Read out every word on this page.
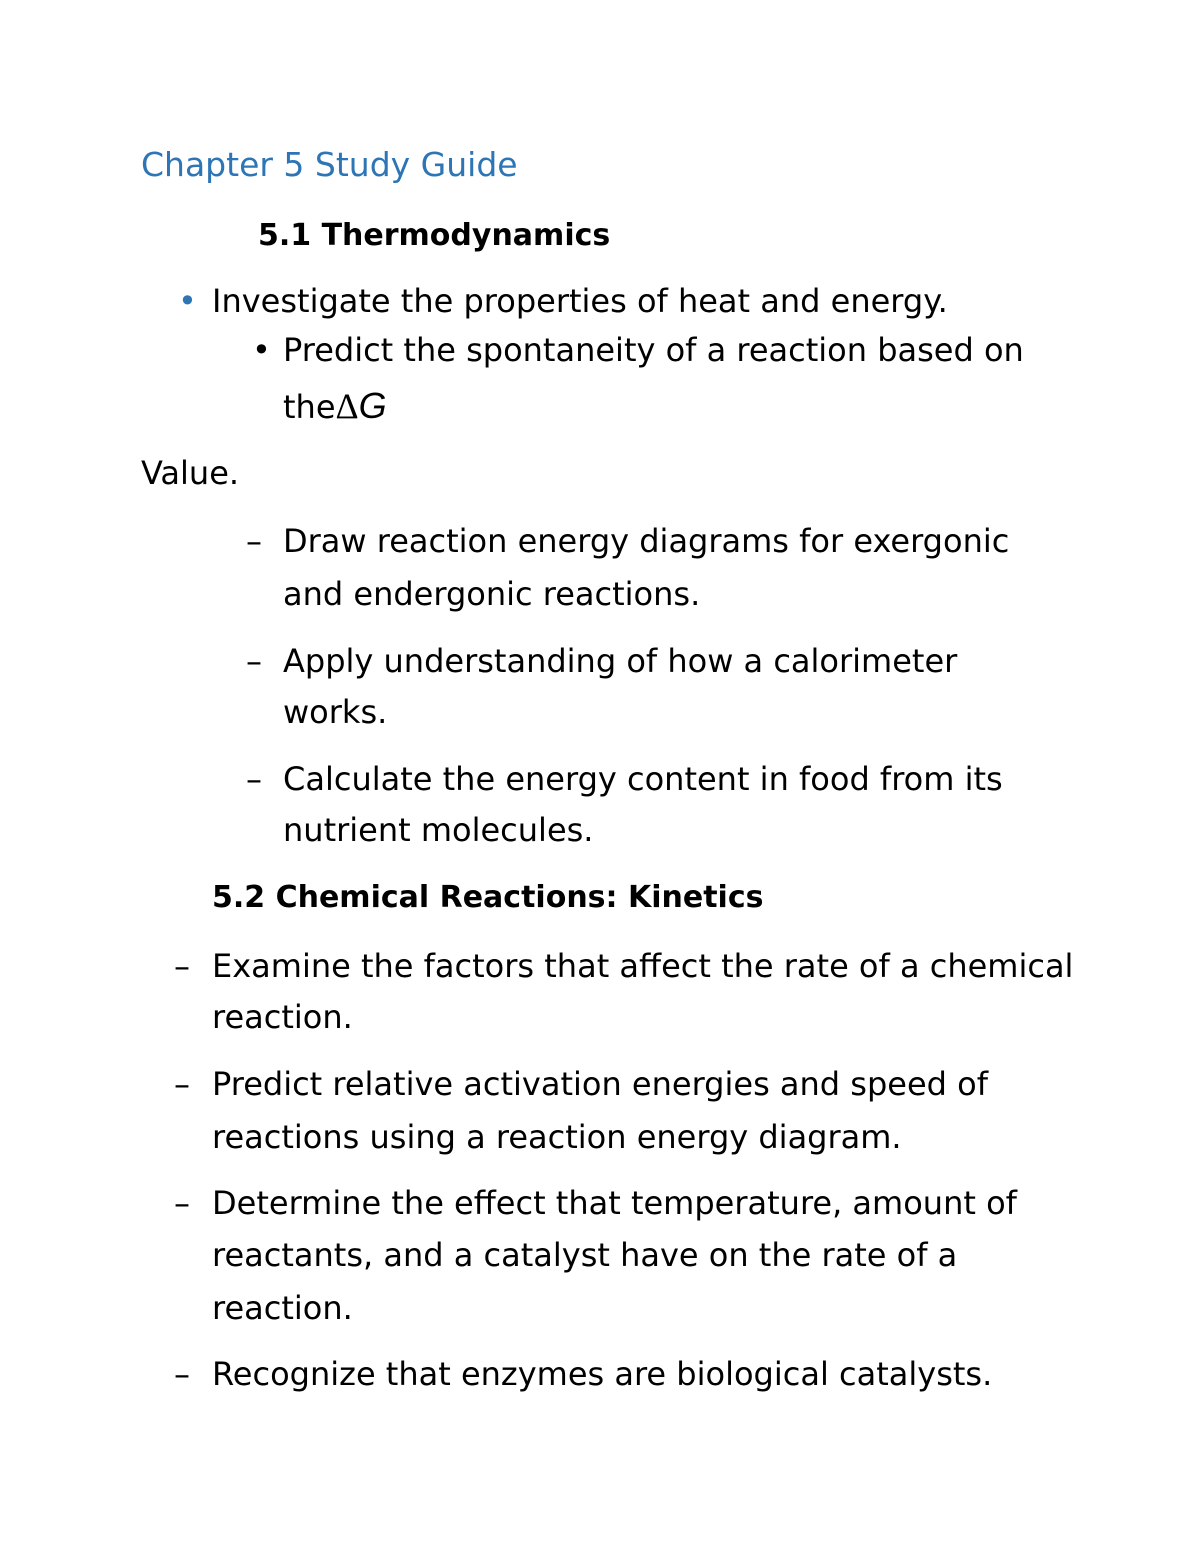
Chapter 5 Study Guide
5.1 Thermodynamics
• Investigate the properties of heat and energy.
• Predict the spontaneity of a reaction based on
theΔG
Value.
– Draw reaction energy diagrams for exergonic
and endergonic reactions.
– Apply understanding of how a calorimeter
works.
– Calculate the energy content in food from its
nutrient molecules.
5.2 Chemical Reactions: Kinetics
– Examine the factors that affect the rate of a chemical
reaction.
– Predict relative activation energies and speed of
reactions using a reaction energy diagram.
– Determine the effect that temperature, amount of
reactants, and a catalyst have on the rate of a
reaction.
– Recognize that enzymes are biological catalysts.
